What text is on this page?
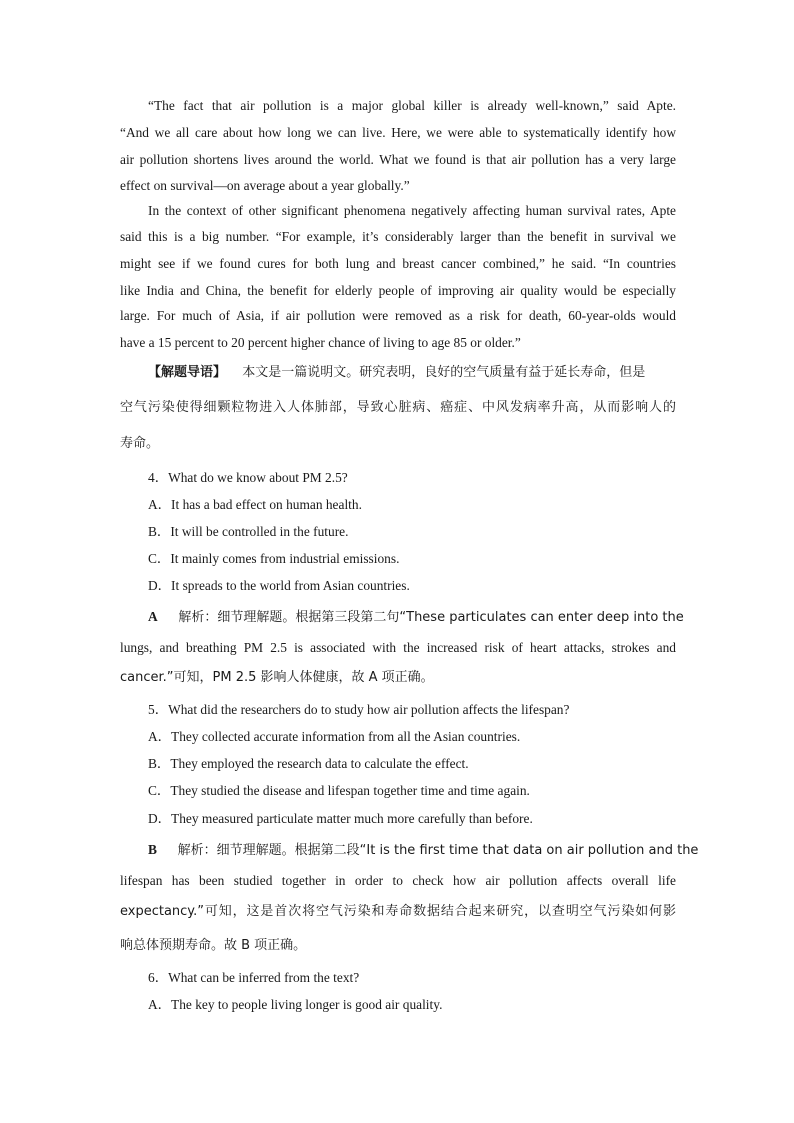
“The fact that air pollution is a major global killer is already well-known,” said Apte.
“And we all care about how long we can live. Here, we were able to systematically identify how
air pollution shortens lives around the world. What we found is that air pollution has a very large
effect on survival—on average about a year globally.”
In the context of other significant phenomena negatively affecting human survival rates, Apte
said this is a big number. “For example, it’s considerably larger than the benefit in survival we
might see if we found cures for both lung and breast cancer combined,” he said. “In countries
like India and China, the benefit for elderly people of improving air quality would be especially
large. For much of Asia, if air pollution were removed as a risk for death, 60-year-olds would
have a 15 percent to 20 percent higher chance of living to age 85 or older.”
【解题导语】 本文是一篇说明文。研究表明，良好的空气质量有益于延长寿命，但是
空气污染使得细颗粒物进入人体肺部，导致心脏病、癌症、中风发病率升高，从而影响人的
寿命。
4．What do we know about PM 2.5?
A．It has a bad effect on human health.
B．It will be controlled in the future.
C．It mainly comes from industrial emissions.
D．It spreads to the world from Asian countries.
A 解析：细节理解题。根据第三段第二句“These particulates can enter deep into the
lungs, and breathing PM 2.5 is associated with the increased risk of heart attacks, strokes and
cancer.”可知，PM 2.5 影响人体健康，故 A 项正确。
5．What did the researchers do to study how air pollution affects the lifespan?
A．They collected accurate information from all the Asian countries.
B．They employed the research data to calculate the effect.
C．They studied the disease and lifespan together time and time again.
D．They measured particulate matter much more carefully than before.
B 解析：细节理解题。根据第二段“It is the first time that data on air pollution and the
lifespan has been studied together in order to check how air pollution affects overall life
expectancy.”可知，这是首次将空气污染和寿命数据结合起来研究，以查明空气污染如何影
响总体预期寿命。故 B 项正确。
6．What can be inferred from the text?
A．The key to people living longer is good air quality.
